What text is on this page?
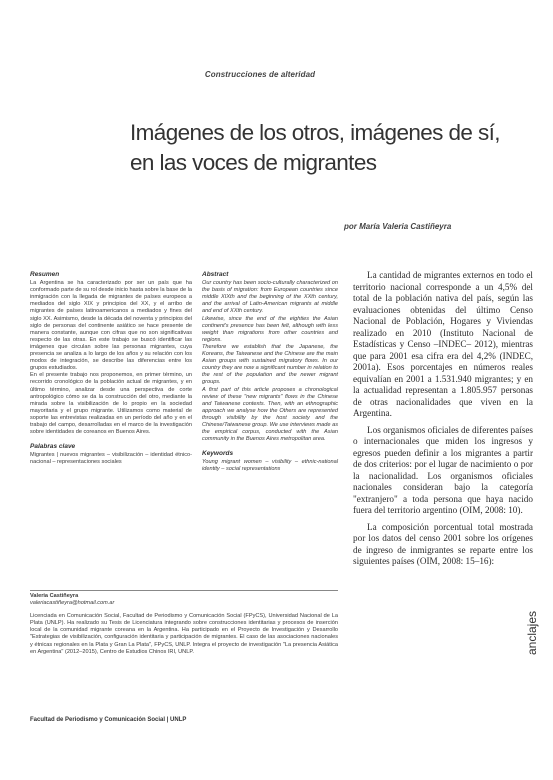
Construcciones de alteridad
Imágenes de los otros, imágenes de sí,
en las voces de migrantes
por María Valeria Castiñeyra
Resumen

La Argentina se ha caracterizado por ser un país que ha conformado parte de su rol desde inicio hasta sobre la base de la inmigración con la llegada de migrantes de países europeos a mediados del siglo XIX y principios del XX, y el arribo de migrantes de países latinoamericanos a mediados y fines del siglo XX. Asimismo, desde la década del noventa y principios del siglo de personas del continente asiático se hace presente de manera constante, aunque con cifras que no son significativas respecto de las otras. En este trabajo se buscó identificar las imágenes que circulan sobre las personas migrantes, cuya presencia se analiza a lo largo de los años y su relación con los modos de integración, se describe las diferencias entre los grupos estudiados.

En el presente trabajo nos proponemos, en primer término, un recorrido cronológico de la población actual de migrantes, y en último término, analizar desde una perspectiva de corte antropológico cómo se da la construcción del otro, mediante la mirada sobre la visibilización de lo propio en la sociedad mayoritaria y el grupo migrante. Utilizamos como material de soporte las entrevistas realizadas en un período del año y en el trabajo del campo, desarrolladas en el marco de la investigación sobre identidades de coreanos en Buenos Aires.

Palabras clave

Migrantes | nuevos migrantes – visibilización – identidad étnico-nacional – representaciones sociales

Abstract

Our country has been socio-culturally characterized on the basis of migration: from European countries since middle XIXth and the beginning of the XXth century, and the arrival of Latin-American migrants at middle and end of XXth century.

Likewise, since the end of the eighties the Asian continent's presence has been felt, although with less weight than migrations from other countries and regions.

Therefore we establish that the Japanese, the Koreans, the Taiwanese and the Chinese are the main Asian groups with sustained migratory flows. In our country they are now a significant number in relation to the rest of the population and the newer migrant groups.

A first part of this article proposes a chronological review of these "new migrants" flows in the Chinese and Taiwanese contexts. Then, with an ethnographic approach we analyse how the Others are represented through visibility by the host society and the Chinese/Taiwanese group. We use interviews made as the empirical corpus, conducted with the Asian community in the Buenos Aires metropolitan area.

Keywords

Young migrant women – visibility – ethnic-national identity – social representations

La cantidad de migrantes externos en todo el territorio nacional corresponde a un 4,5% del total de la población nativa del país, según las evaluaciones obtenidas del último Censo Nacional de Población, Hogares y Viviendas realizado en 2010 (Instituto Nacional de Estadísticas y Censo –INDEC– 2012), mientras que para 2001 esa cifra era del 4,2% (INDEC, 2001a). Esos porcentajes en números reales equivalían en 2001 a 1.531.940 migrantes; y en la actualidad representan a 1.805.957 personas de otras nacionalidades que viven en la Argentina.

Los organismos oficiales de diferentes países o internacionales que miden los ingresos y egresos pueden definir a los migrantes a partir de dos criterios: por el lugar de nacimiento o por la nacionalidad. Los organismos oficiales nacionales consideran bajo la categoría "extranjero" a toda persona que haya nacido fuera del territorio argentino (OIM, 2008: 10).

La composición porcentual total mostrada por los datos del censo 2001 sobre los orígenes de ingreso de inmigrantes se reparte entre los siguientes países (OIM, 2008: 15–16):

Valeria Castiñeyra
valeriacastiñeyra@hotmail.com.ar

Licenciada en Comunicación Social, Facultad de Periodismo y Comunicación Social (FPyCS), Universidad Nacional de La Plata (UNLP). Ha realizado su Tesis de Licenciatura integrando sobre construcciones identitarias y procesos de inserción local de la comunidad migrante coreana en la Argentina. Ha participado en el Proyecto de Investigación y Desarrollo "Estrategias de visibilización, configuración identitaria y participación de migrantes. El caso de las asociaciones nacionales y étnicas regionales en la Plata y Gran La Plata", FPyCS, UNLP. Integra el proyecto de investigación "La presencia Asiática en Argentina" (2012–2015), Centro de Estudios Chinos IRI, UNLP.	anclajes
Facultad de Periodismo y Comunicación Social | UNLP
